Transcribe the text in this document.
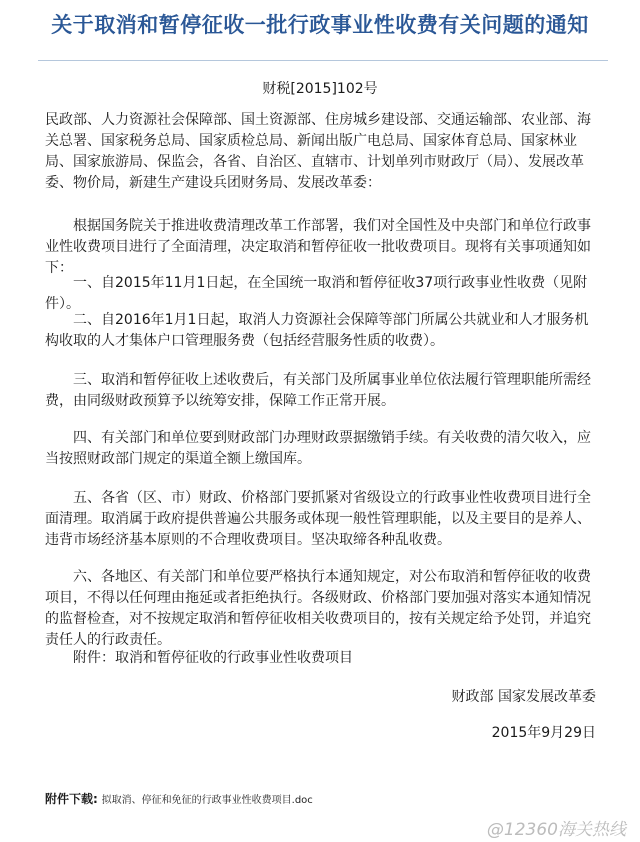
关于取消和暂停征收一批行政事业性收费有关问题的通知
财税[2015]102号

民政部、人力资源社会保障部、国土资源部、住房城乡建设部、交通运输部、农业部、海关总署、国家税务总局、国家质检总局、新闻出版广电总局、国家体育总局、国家林业局、国家旅游局、保监会，各省、自治区、直辖市、计划单列市财政厅（局）、发展改革委、物价局，新建生产建设兵团财务局、发展改革委：

根据国务院关于推进收费清理改革工作部署，我们对全国性及中央部门和单位行政事业性收费项目进行了全面清理，决定取消和暂停征收一批收费项目。现将有关事项通知如下：

一、自2015年11月1日起，在全国统一取消和暂停征收37项行政事业性收费（见附件）。

二、自2016年1月1日起，取消人力资源社会保障等部门所属公共就业和人才服务机构收取的人才集体户口管理服务费（包括经营服务性质的收费）。

三、取消和暂停征收上述收费后，有关部门及所属事业单位依法履行管理职能所需经费，由同级财政预算予以统筹安排，保障工作正常开展。

四、有关部门和单位要到财政部门办理财政票据缴销手续。有关收费的清欠收入，应当按照财政部门规定的渠道全额上缴国库。

五、各省（区、市）财政、价格部门要抓紧对省级设立的行政事业性收费项目进行全面清理。取消属于政府提供普遍公共服务或体现一般性管理职能，以及主要目的是养人、违背市场经济基本原则的不合理收费项目。坚决取缔各种乱收费。

六、各地区、有关部门和单位要严格执行本通知规定，对公布取消和暂停征收的收费项目，不得以任何理由拖延或者拒绝执行。各级财政、价格部门要加强对落实本通知情况的监督检查，对不按规定取消和暂停征收相关收费项目的，按有关规定给予处罚，并追究责任人的行政责任。

附件：取消和暂停征收的行政事业性收费项目

财政部 国家发展改革委
2015年9月29日
附件下载: 拟取消、停征和免征的行政事业性收费项目.doc
@12360海关热线
